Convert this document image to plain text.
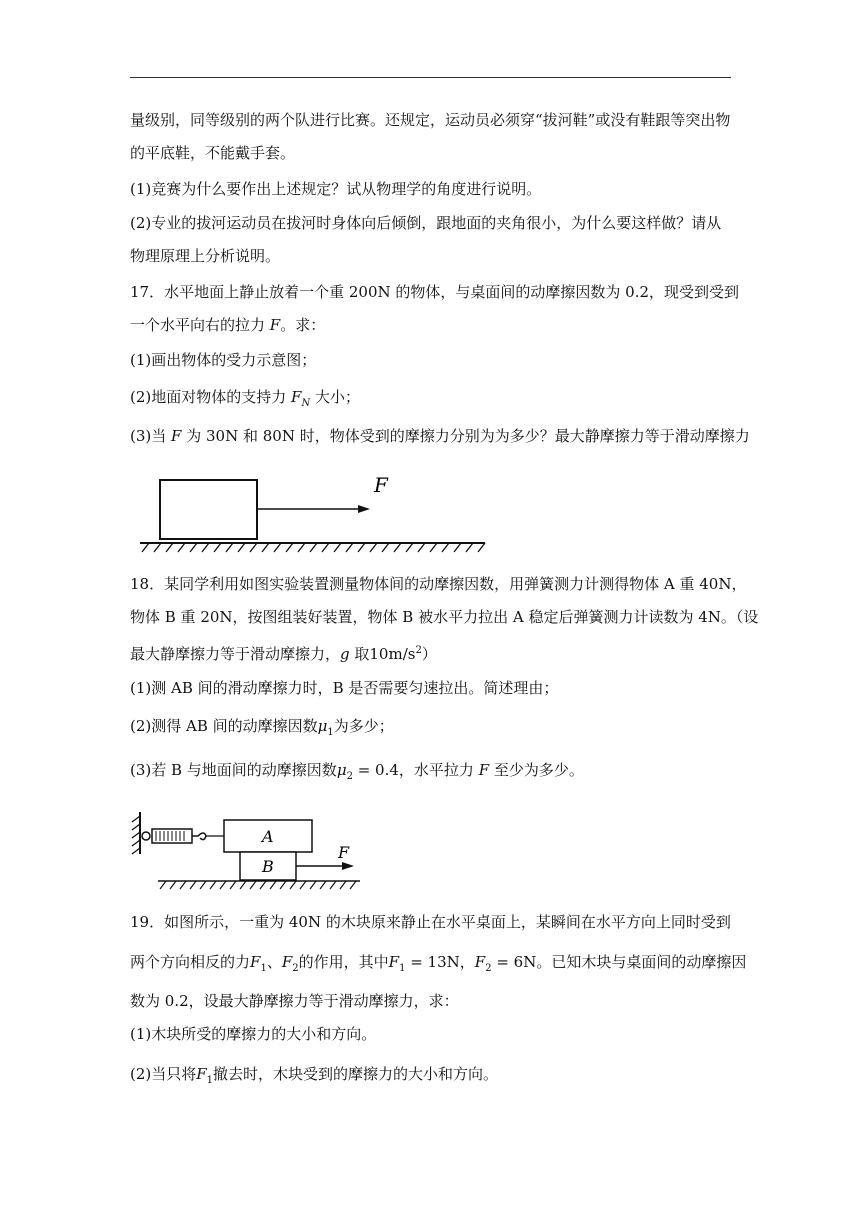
量级别，同等级别的两个队进行比赛。还规定，运动员必须穿“拔河鞋”或没有鞋跟等突出物
的平底鞋，不能戴手套。
(1)竞赛为什么要作出上述规定？试从物理学的角度进行说明。
(2)专业的拔河运动员在拔河时身体向后倾倒，跟地面的夹角很小，为什么要这样做？请从
物理原理上分析说明。
17．水平地面上静止放着一个重 200N 的物体，与桌面间的动摩擦因数为 0.2，现受到受到
一个水平向右的拉力 F。求：
(1)画出物体的受力示意图；
(2)地面对物体的支持力 $F_N$ 大小；
(3)当 F 为 30N 和 80N 时，物体受到的摩擦力分别为为多少？最大静摩擦力等于滑动摩擦力
F
18．某同学利用如图实验装置测量物体间的动摩擦因数，用弹簧测力计测得物体 A 重 40N，
物体 B 重 20N，按图组装好装置，物体 B 被水平力拉出 A 稳定后弹簧测力计读数为 4N。（设
最大静摩擦力等于滑动摩擦力，g 取$10m/s^2$）
(1)测 AB 间的滑动摩擦力时，B 是否需要匀速拉出。简述理由；
(2)测得 AB 间的动摩擦因数$\mu_1$为多少；
(3)若 B 与地面间的动摩擦因数$\mu_2 = 0.4$，水平拉力 F 至少为多少。
A
B
F
19．如图所示，一重为 40N 的木块原来静止在水平桌面上，某瞬间在水平方向上同时受到
两个方向相反的力$F_1$、$F_2$的作用，其中$F_1 = 13N$，$F_2 = 6N$。已知木块与桌面间的动摩擦因
数为 0.2，设最大静摩擦力等于滑动摩擦力，求：
(1)木块所受的摩擦力的大小和方向。
(2)当只将$F_1$撤去时，木块受到的摩擦力的大小和方向。
